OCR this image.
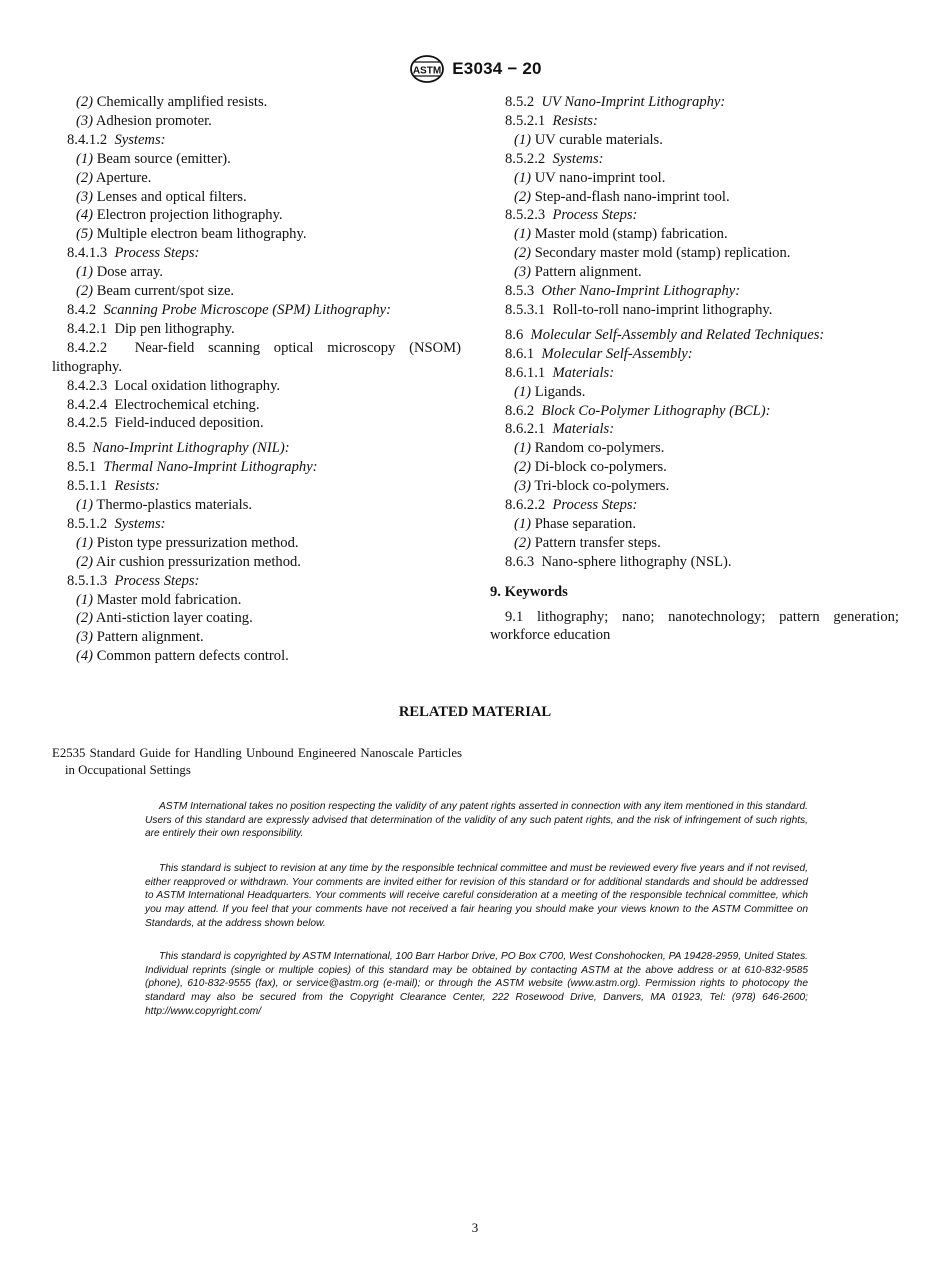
ASTM E3034 − 20
(2) Chemically amplified resists.
(3) Adhesion promoter.
8.4.1.2 Systems:
(1) Beam source (emitter).
(2) Aperture.
(3) Lenses and optical filters.
(4) Electron projection lithography.
(5) Multiple electron beam lithography.
8.4.1.3 Process Steps:
(1) Dose array.
(2) Beam current/spot size.
8.4.2 Scanning Probe Microscope (SPM) Lithography:
8.4.2.1 Dip pen lithography.
8.4.2.2 Near-field scanning optical microscopy (NSOM) lithography.
8.4.2.3 Local oxidation lithography.
8.4.2.4 Electrochemical etching.
8.4.2.5 Field-induced deposition.
8.5 Nano-Imprint Lithography (NIL):
8.5.1 Thermal Nano-Imprint Lithography:
8.5.1.1 Resists:
(1) Thermo-plastics materials.
8.5.1.2 Systems:
(1) Piston type pressurization method.
(2) Air cushion pressurization method.
8.5.1.3 Process Steps:
(1) Master mold fabrication.
(2) Anti-stiction layer coating.
(3) Pattern alignment.
(4) Common pattern defects control.
8.5.2 UV Nano-Imprint Lithography:
8.5.2.1 Resists:
(1) UV curable materials.
8.5.2.2 Systems:
(1) UV nano-imprint tool.
(2) Step-and-flash nano-imprint tool.
8.5.2.3 Process Steps:
(1) Master mold (stamp) fabrication.
(2) Secondary master mold (stamp) replication.
(3) Pattern alignment.
8.5.3 Other Nano-Imprint Lithography:
8.5.3.1 Roll-to-roll nano-imprint lithography.
8.6 Molecular Self-Assembly and Related Techniques:
8.6.1 Molecular Self-Assembly:
8.6.1.1 Materials:
(1) Ligands.
8.6.2 Block Co-Polymer Lithography (BCL):
8.6.2.1 Materials:
(1) Random co-polymers.
(2) Di-block co-polymers.
(3) Tri-block co-polymers.
8.6.2.2 Process Steps:
(1) Phase separation.
(2) Pattern transfer steps.
8.6.3 Nano-sphere lithography (NSL).
9. Keywords
9.1 lithography; nano; nanotechnology; pattern generation; workforce education
RELATED MATERIAL
E2535 Standard Guide for Handling Unbound Engineered Nanoscale Particles in Occupational Settings

ASTM International takes no position respecting the validity of any patent rights asserted in connection with any item mentioned in this standard. Users of this standard are expressly advised that determination of the validity of any such patent rights, and the risk of infringement of such rights, are entirely their own responsibility.

This standard is subject to revision at any time by the responsible technical committee and must be reviewed every five years and if not revised, either reapproved or withdrawn. Your comments are invited either for revision of this standard or for additional standards and should be addressed to ASTM International Headquarters. Your comments will receive careful consideration at a meeting of the responsible technical committee, which you may attend. If you feel that your comments have not received a fair hearing you should make your views known to the ASTM Committee on Standards, at the address shown below.

This standard is copyrighted by ASTM International, 100 Barr Harbor Drive, PO Box C700, West Conshohocken, PA 19428-2959, United States. Individual reprints (single or multiple copies) of this standard may be obtained by contacting ASTM at the above address or at 610-832-9585 (phone), 610-832-9555 (fax), or service@astm.org (e-mail); or through the ASTM website (www.astm.org). Permission rights to photocopy the standard may also be secured from the Copyright Clearance Center, 222 Rosewood Drive, Danvers, MA 01923, Tel: (978) 646-2600; http://www.copyright.com/

3
